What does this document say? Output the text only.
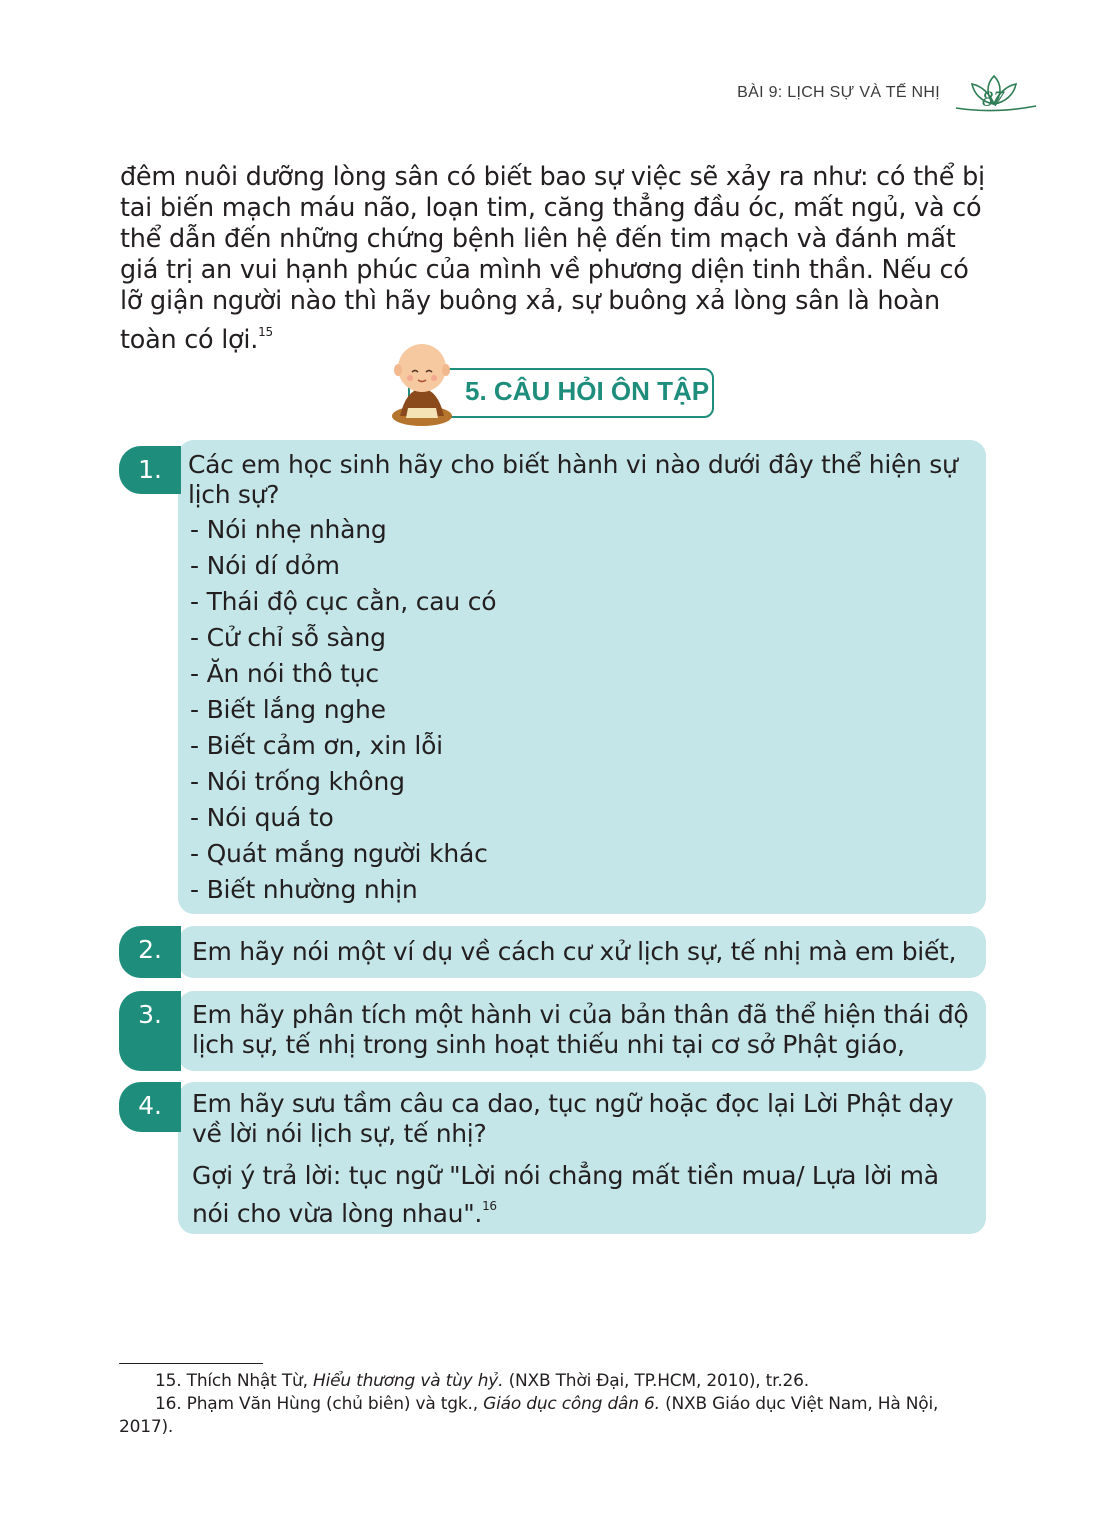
BÀI 9: LỊCH SỰ VÀ TẾ NHỊ 87

đêm nuôi dưỡng lòng sân có biết bao sự việc sẽ xảy ra như: có thể bị tai biến mạch máu não, loạn tim, căng thẳng đầu óc, mất ngủ, và có thể dẫn đến những chứng bệnh liên hệ đến tim mạch và đánh mất giá trị an vui hạnh phúc của mình về phương diện tinh thần. Nếu có lỡ giận người nào thì hãy buông xả, sự buông xả lòng sân là hoàn toàn có lợi.$^{15}$

5. CÂU HỎI ÔN TẬP
1.	Các em học sinh hãy cho biết hành vi nào dưới đây thể hiện sự lịch sự?
- Nói nhẹ nhàng
- Nói dí dỏm
- Thái độ cục cằn, cau có
- Cử chỉ sỗ sàng
- Ăn nói thô tục
- Biết lắng nghe
- Biết cảm ơn, xin lỗi
- Nói trống không
- Nói quá to
- Quát mắng người khác
- Biết nhường nhịn
2.	Em hãy nói một ví dụ về cách cư xử lịch sự, tế nhị mà em biết,
3.	Em hãy phân tích một hành vi của bản thân đã thể hiện thái độ lịch sự, tế nhị trong sinh hoạt thiếu nhi tại cơ sở Phật giáo,
4.	Em hãy sưu tầm câu ca dao, tục ngữ hoặc đọc lại Lời Phật dạy về lời nói lịch sự, tế nhị?
Gợi ý trả lời: tục ngữ "Lời nói chẳng mất tiền mua/ Lựa lời mà nói cho vừa lòng nhau".$^{16}$
15. Thích Nhật Từ, Hiểu thương và tùy hỷ. (NXB Thời Đại, TP.HCM, 2010), tr.26.
16. Phạm Văn Hùng (chủ biên) và tgk., Giáo dục công dân 6. (NXB Giáo dục Việt Nam, Hà Nội, 2017).
